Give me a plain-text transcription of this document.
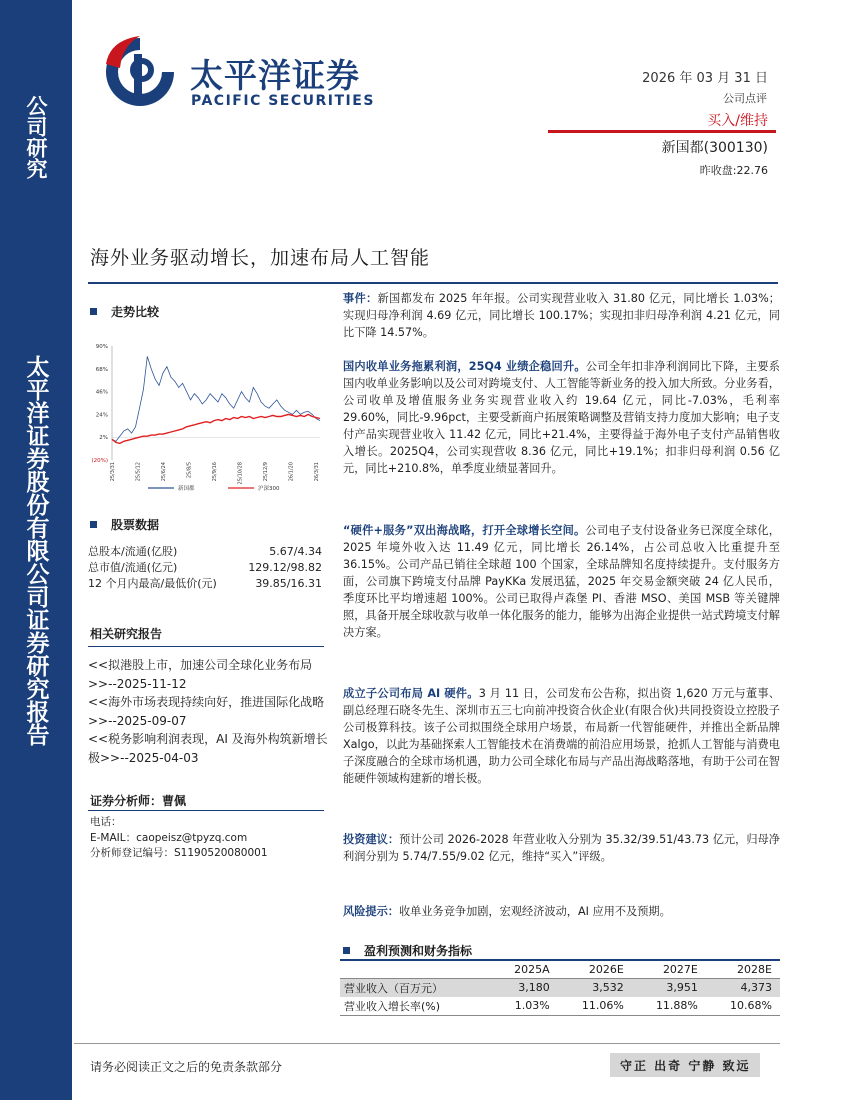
公司研究
太平洋证券股份有限公司证券研究报告
太平洋证券
PACIFIC SECURITIES
2026 年 03 月 31 日
公司点评
买入/维持
新国都(300130)
昨收盘:22.76
海外业务驱动增长，加速布局人工智能
走势比较
90%
68%
46%
24%
2%
(20%)
25/3/31	25/5/12	25/6/24	25/8/5	25/9/16	25/10/28	25/12/9	26/1/20	26/3/31
新国都	沪深300
股票数据
总股本/流通(亿股)	5.67/4.34
总市值/流通(亿元)	129.12/98.82
12 个月内最高/最低价(元)	39.85/16.31
相关研究报告
<<拟港股上市，加速公司全球化业务布局>>--2025-11-12
<<海外市场表现持续向好，推进国际化战略>>--2025-09-07
<<税务影响利润表现，AI 及海外构筑新增长极>>--2025-04-03
证券分析师：曹佩
电话：
E-MAIL：caopeisz@tpyzq.com
分析师登记编号：S1190520080001
事件：新国都发布 2025 年年报。公司实现营业收入 31.80 亿元，同比增长 1.03%；实现归母净利润 4.69 亿元，同比增长 100.17%；实现扣非归母净利润 4.21 亿元，同比下降 14.57%。
国内收单业务拖累利润，25Q4 业绩企稳回升。公司全年扣非净利润同比下降，主要系国内收单业务影响以及公司对跨境支付、人工智能等新业务的投入加大所致。分业务看，公司收单及增值服务业务实现营业收入约 19.64 亿元，同比-7.03%，毛利率 29.60%，同比-9.96pct，主要受新商户拓展策略调整及营销支持力度加大影响；电子支付产品实现营业收入 11.42 亿元，同比+21.4%，主要得益于海外电子支付产品销售收入增长。2025Q4，公司实现营收 8.36 亿元，同比+19.1%；扣非归母利润 0.56 亿元，同比+210.8%，单季度业绩显著回升。
“硬件+服务”双出海战略，打开全球增长空间。公司电子支付设备业务已深度全球化，2025 年境外收入达 11.49 亿元，同比增长 26.14%，占公司总收入比重提升至 36.15%。公司产品已销往全球超 100 个国家，全球品牌知名度持续提升。支付服务方面，公司旗下跨境支付品牌 PayKKa 发展迅猛，2025 年交易金额突破 24 亿人民币，季度环比平均增速超 100%。公司已取得卢森堡 PI、香港 MSO、美国 MSB 等关键牌照，具备开展全球收款与收单一体化服务的能力，能够为出海企业提供一站式跨境支付解决方案。
成立子公司布局 AI 硬件。3 月 11 日，公司发布公告称，拟出资 1,620 万元与董事、副总经理石晓冬先生、深圳市五三七向前冲投资合伙企业(有限合伙)共同投资设立控股子公司极算科技。该子公司拟围绕全球用户场景，布局新一代智能硬件，并推出全新品牌 Xalgo，以此为基础探索人工智能技术在消费端的前沿应用场景，抢抓人工智能与消费电子深度融合的全球市场机遇，助力公司全球化布局与产品出海战略落地，有助于公司在智能硬件领域构建新的增长极。
投资建议：预计公司 2026-2028 年营业收入分别为 35.32/39.51/43.73 亿元，归母净利润分别为 5.74/7.55/9.02 亿元，维持“买入”评级。
风险提示：收单业务竞争加剧，宏观经济波动，AI 应用不及预期。
盈利预测和财务指标
	2025A	2026E	2027E	2028E
营业收入（百万元）	3,180	3,532	3,951	4,373
营业收入增长率(%)	1.03%	11.06%	11.88%	10.68%
请务必阅读正文之后的免责条款部分	守正 出奇 宁静 致远
